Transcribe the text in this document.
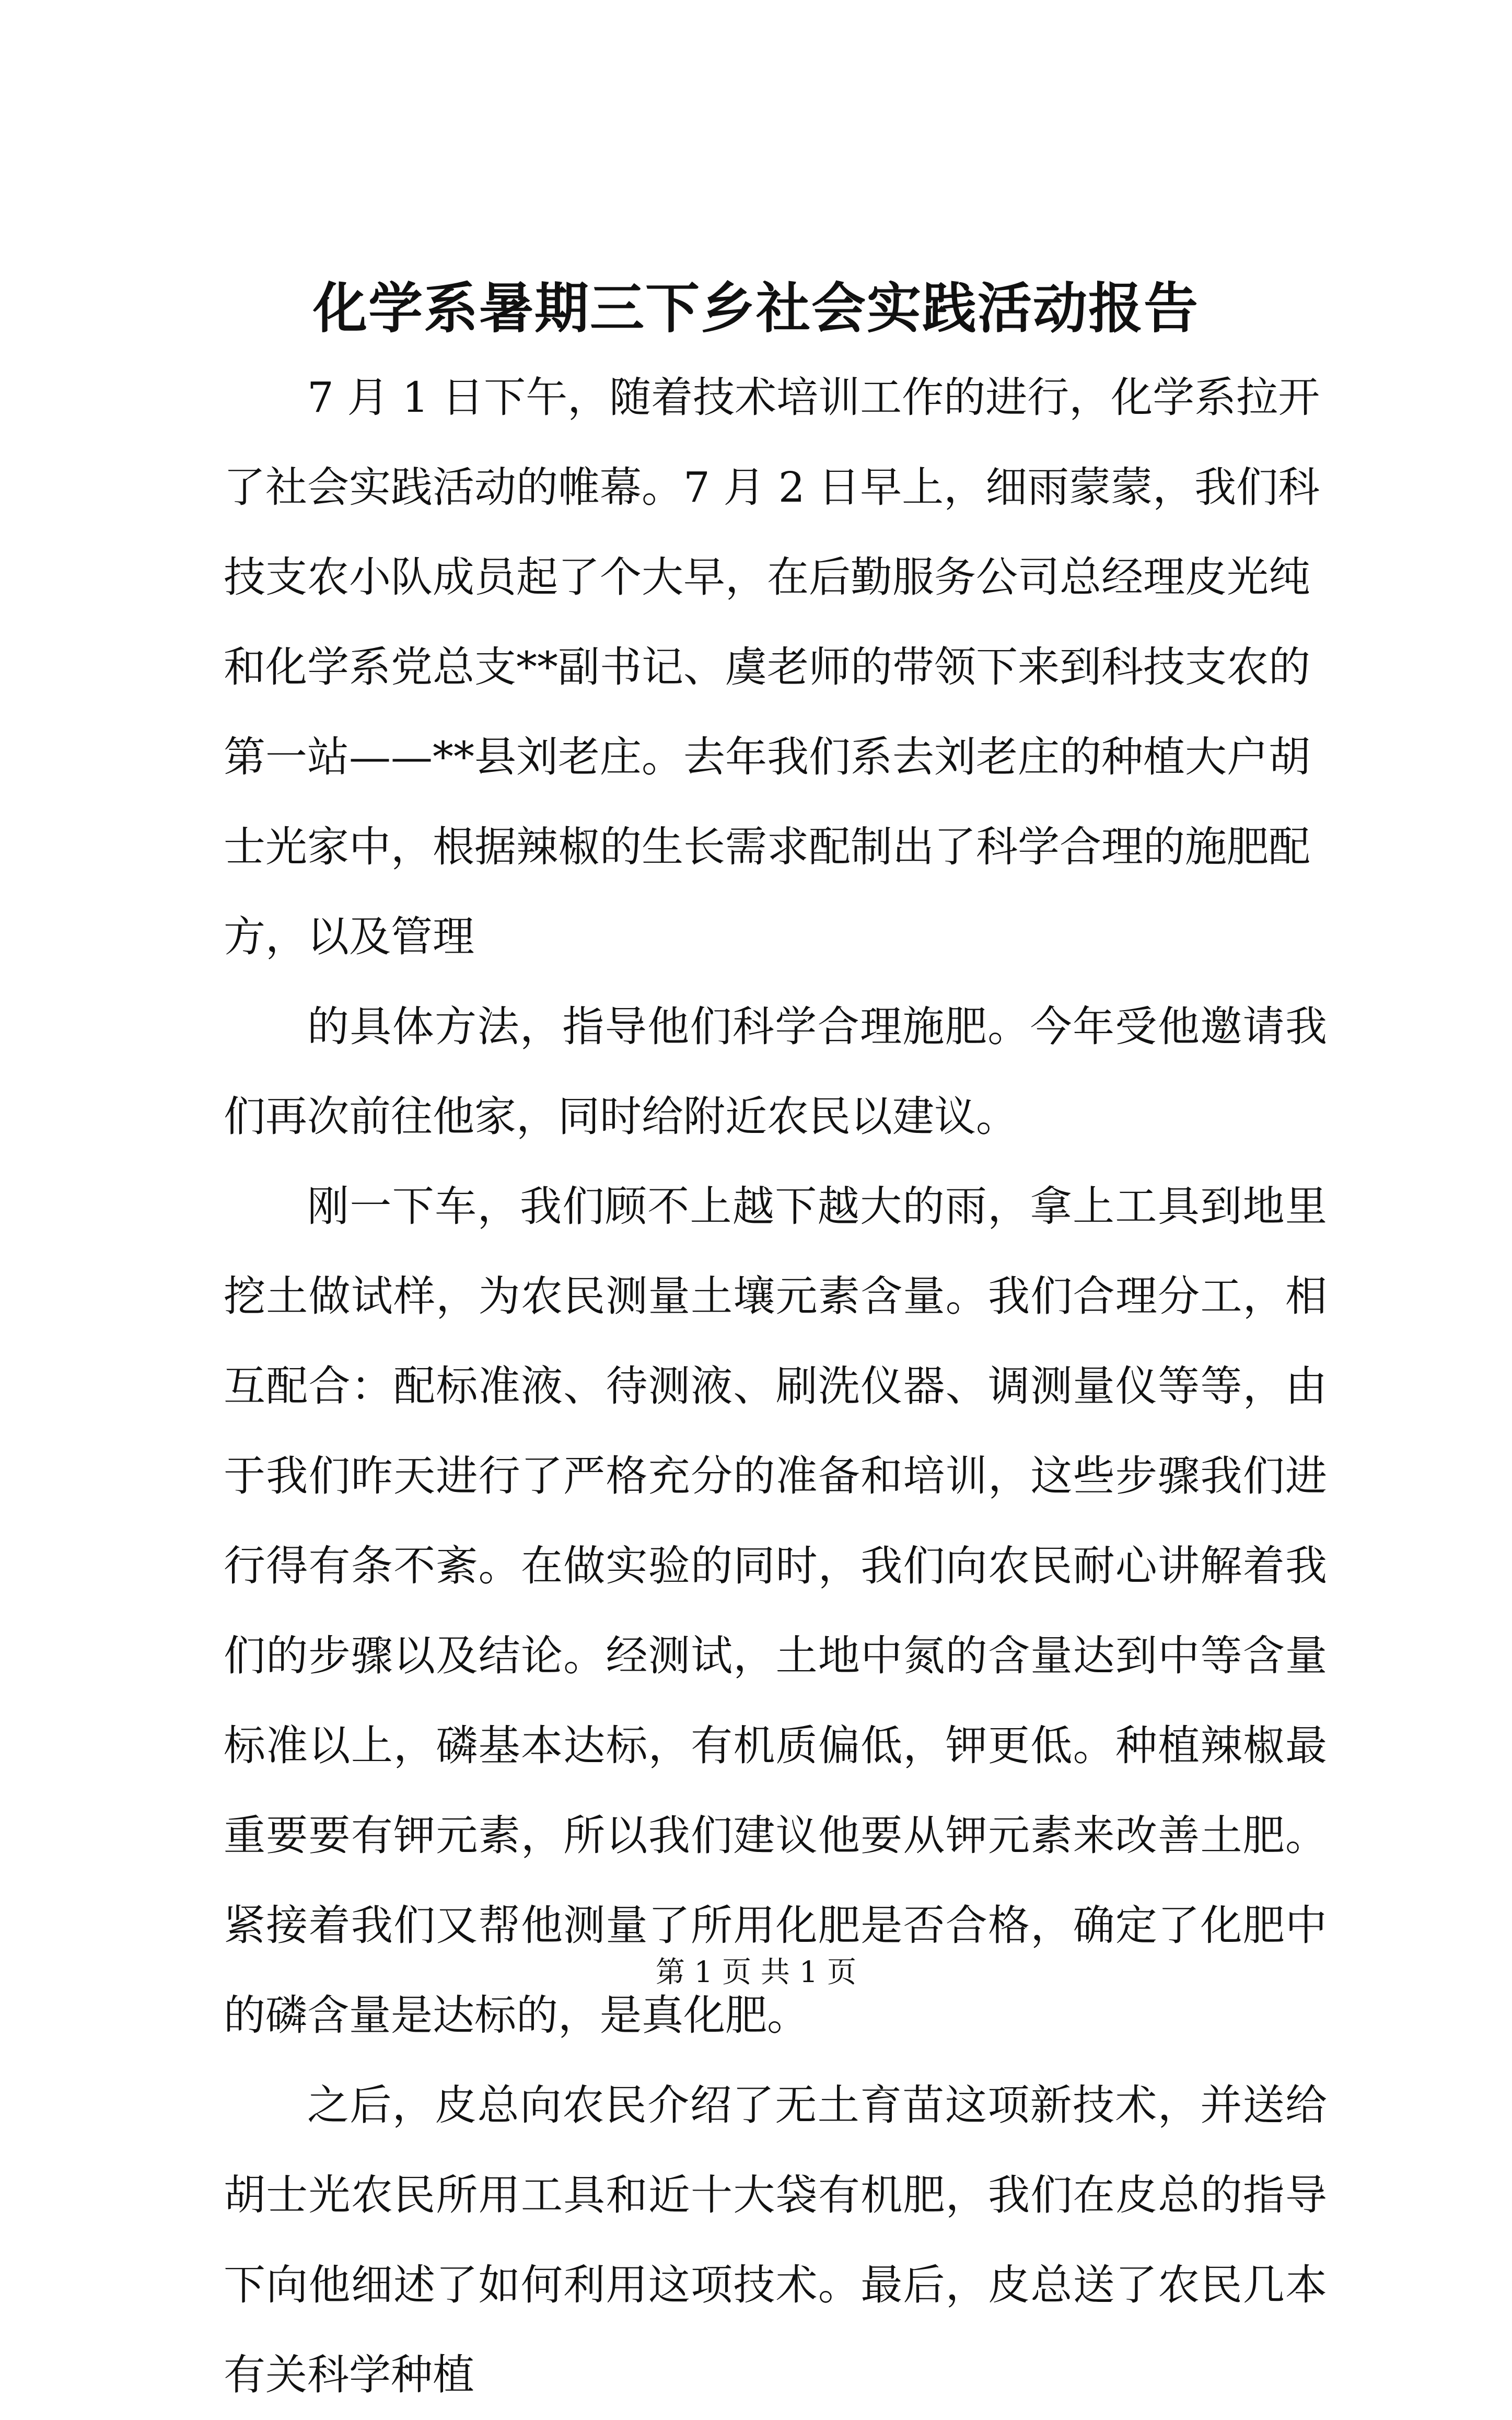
化学系暑期三下乡社会实践活动报告

7 月 1 日下午，随着技术培训工作的进行，化学系拉开了社会实践活动的帷幕。7 月 2 日早上，细雨蒙蒙，我们科技支农小队成员起了个大早，在后勤服务公司总经理皮光纯和化学系党总支**副书记、虞老师的带领下来到科技支农的第一站——**县刘老庄。去年我们系去刘老庄的种植大户胡士光家中，根据辣椒的生长需求配制出了科学合理的施肥配方，以及管理

的具体方法，指导他们科学合理施肥。今年受他邀请我们再次前往他家，同时给附近农民以建议。

刚一下车，我们顾不上越下越大的雨，拿上工具到地里挖土做试样，为农民测量土壤元素含量。我们合理分工，相互配合：配标准液、待测液、刷洗仪器、调测量仪等等，由于我们昨天进行了严格充分的准备和培训，这些步骤我们进行得有条不紊。在做实验的同时，我们向农民耐心讲解着我们的步骤以及结论。经测试，土地中氮的含量达到中等含量标准以上，磷基本达标，有机质偏低，钾更低。种植辣椒最重要要有钾元素，所以我们建议他要从钾元素来改善土肥。紧接着我们又帮他测量了所用化肥是否合格，确定了化肥中的磷含量是达标的，是真化肥。

之后，皮总向农民介绍了无土育苗这项新技术，并送给胡士光农民所用工具和近十大袋有机肥，我们在皮总的指导下向他细述了如何利用这项技术。最后，皮总送了农民几本有关科学种植

第 1 页 共 1 页
